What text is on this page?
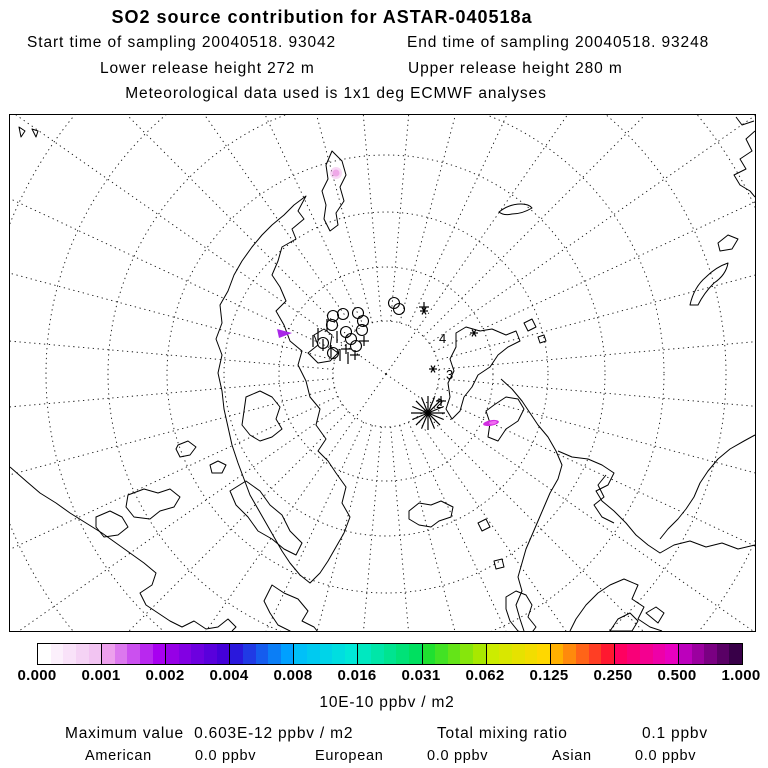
SO2 source contribution for ASTAR-040518a
Start time of sampling 20040518. 93042	End time of sampling 20040518. 93248
Lower release height 272 m	Upper release height 280 m
Meteorological data used is 1x1 deg ECMWF analyses
4
3
2
0.000 0.001 0.002 0.004 0.008 0.016 0.031 0.062 0.125 0.250 0.500 1.000
10E-10 ppbv / m2
Maximum value 0.603E-12 ppbv / m2	Total mixing ratio	0.1 ppbv
American	0.0 ppbv	European	0.0 ppbv	Asian	0.0 ppbv
